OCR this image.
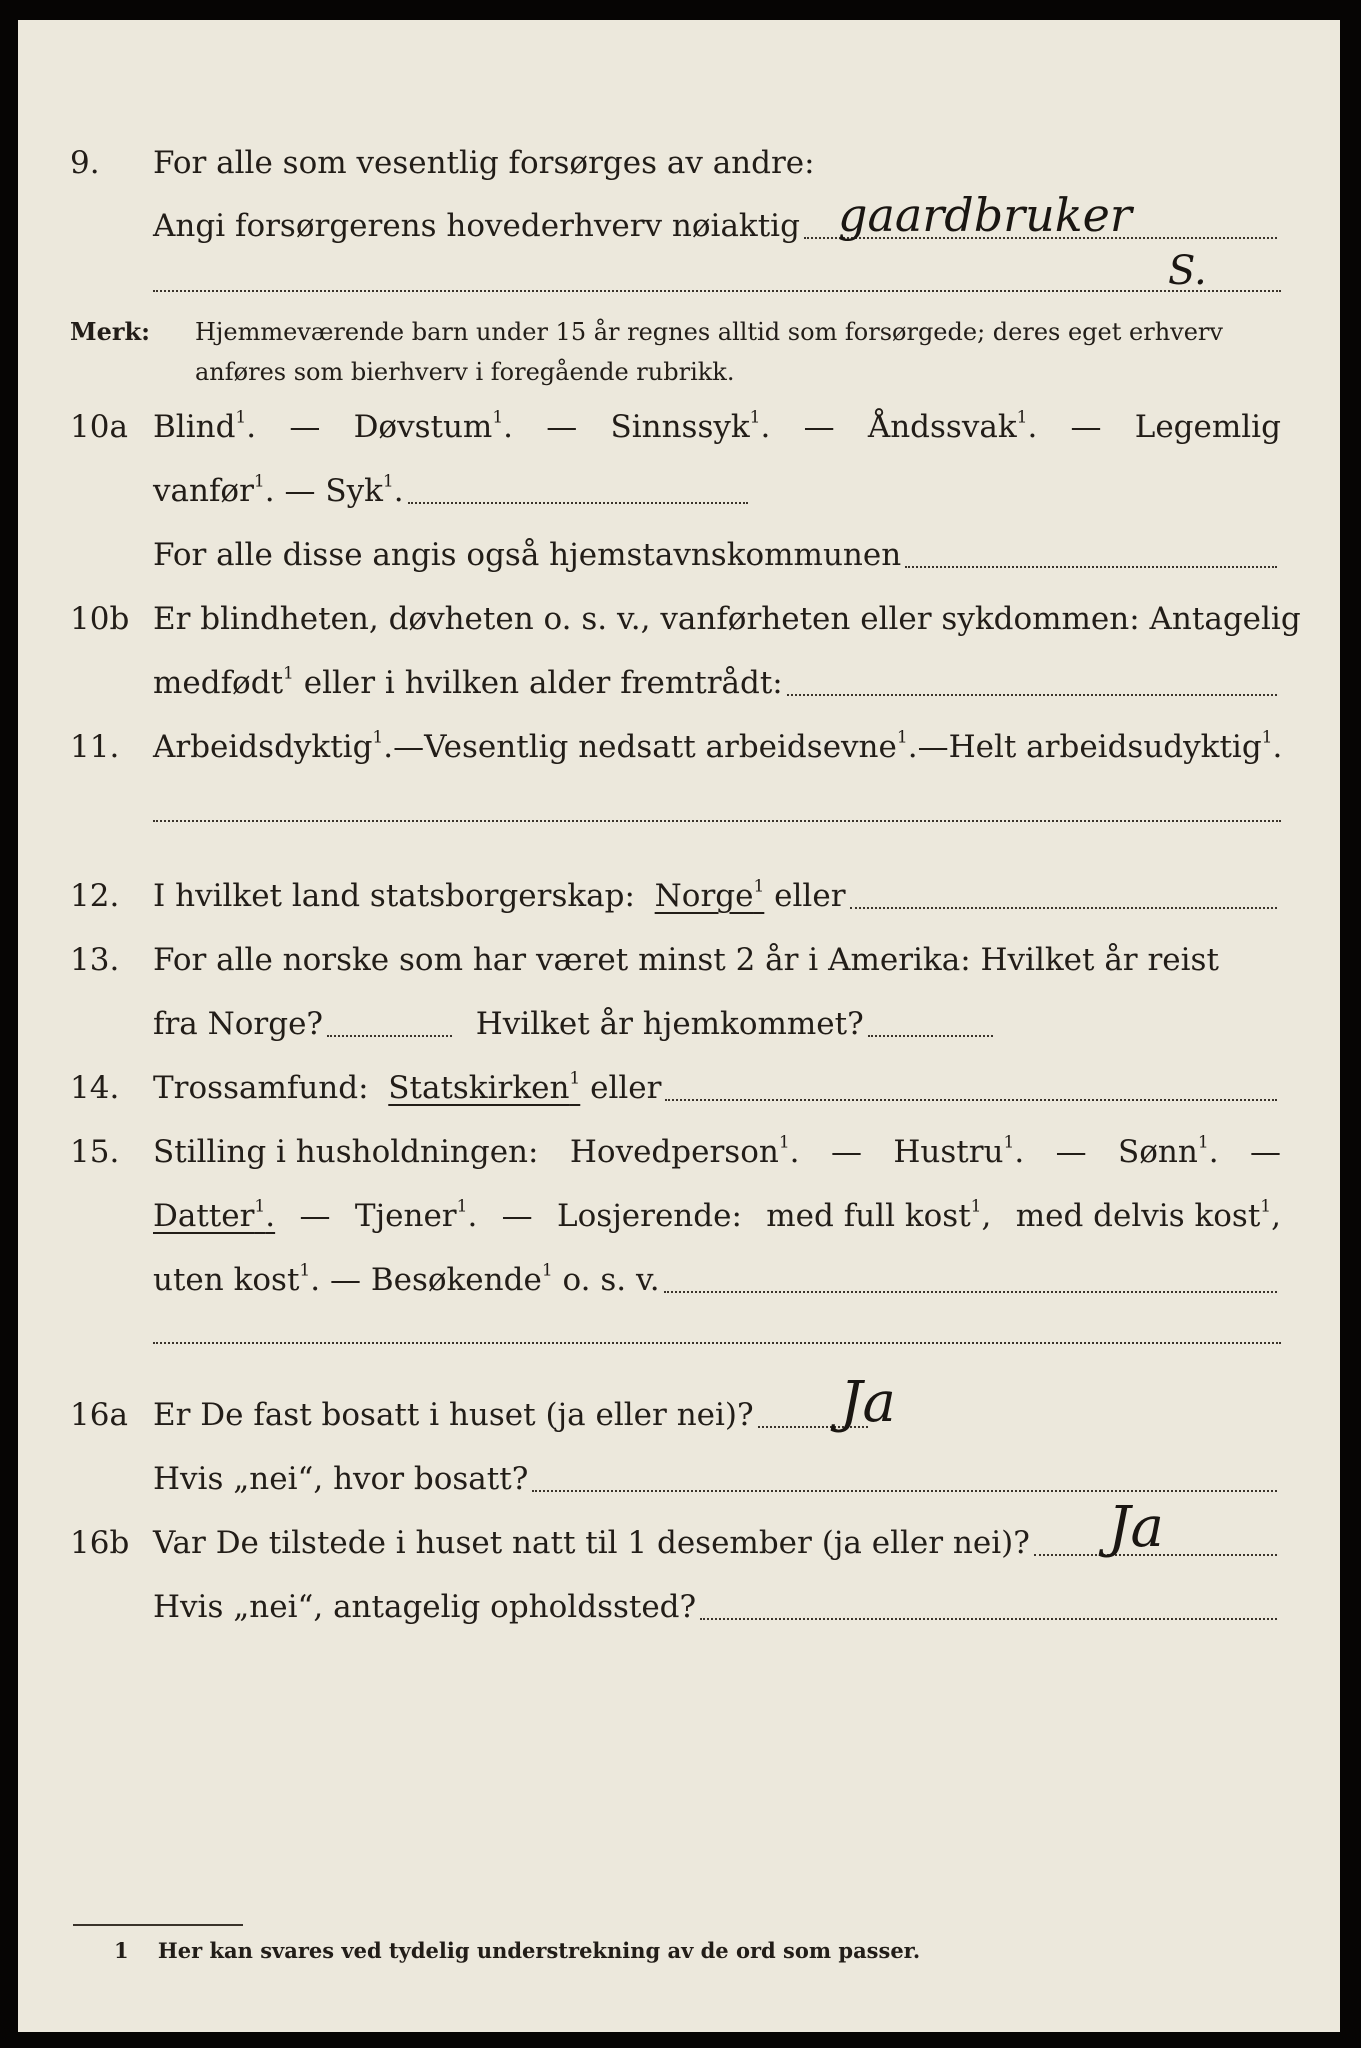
9. For alle som vesentlig forsørges av andre:
Angi forsørgerens hovederhverv nøiaktig gaardbruker
S.
Merk: Hjemmeværende barn under 15 år regnes alltid som forsørgede; deres eget erhverv
anføres som bierhverv i foregående rubrikk.
10a Blind$^1$. — Døvstum$^1$. — Sinnssyk$^1$. — Åndssvak$^1$. — Legemlig
vanfør$^1$.
—
Syk$^1$.
For alle disse angis også hjemstavnskommunen
10b Er blindheten, døvheten o. s. v., vanførheten eller sykdommen: Antagelig
medfødt$^1$
eller i hvilken alder fremtrådt:
11. Arbeidsdyktig$^1$. — Vesentlig nedsatt arbeidsevne$^1$. — Helt arbeidsudyktig$^1$.
12. I hvilket land statsborgerskap:
Norge$^1$
eller
13. For alle norske som har været minst 2 år i Amerika: Hvilket år reist
fra Norge?
	Hvilket år hjemkommet?
14. Trossamfund:
Statskirken$^1$
eller
15. Stilling i husholdningen: Hovedperson$^1$. — Hustru$^1$. — Sønn$^1$. —
Datter$^1$. — Tjener$^1$. — Losjerende: med full kost$^1$, med delvis kost$^1$,
uten kost$^1$.
—
Besøkende$^1$
o. s. v.
16a Er De fast bosatt i huset (ja eller nei)? Ja
Hvis „nei“, hvor bosatt?
16b Var De tilstede i huset natt til 1 desember (ja eller nei)? Ja
Hvis „nei“, antagelig opholdssted?
1 Her kan svares ved tydelig understrekning av de ord som passer.
